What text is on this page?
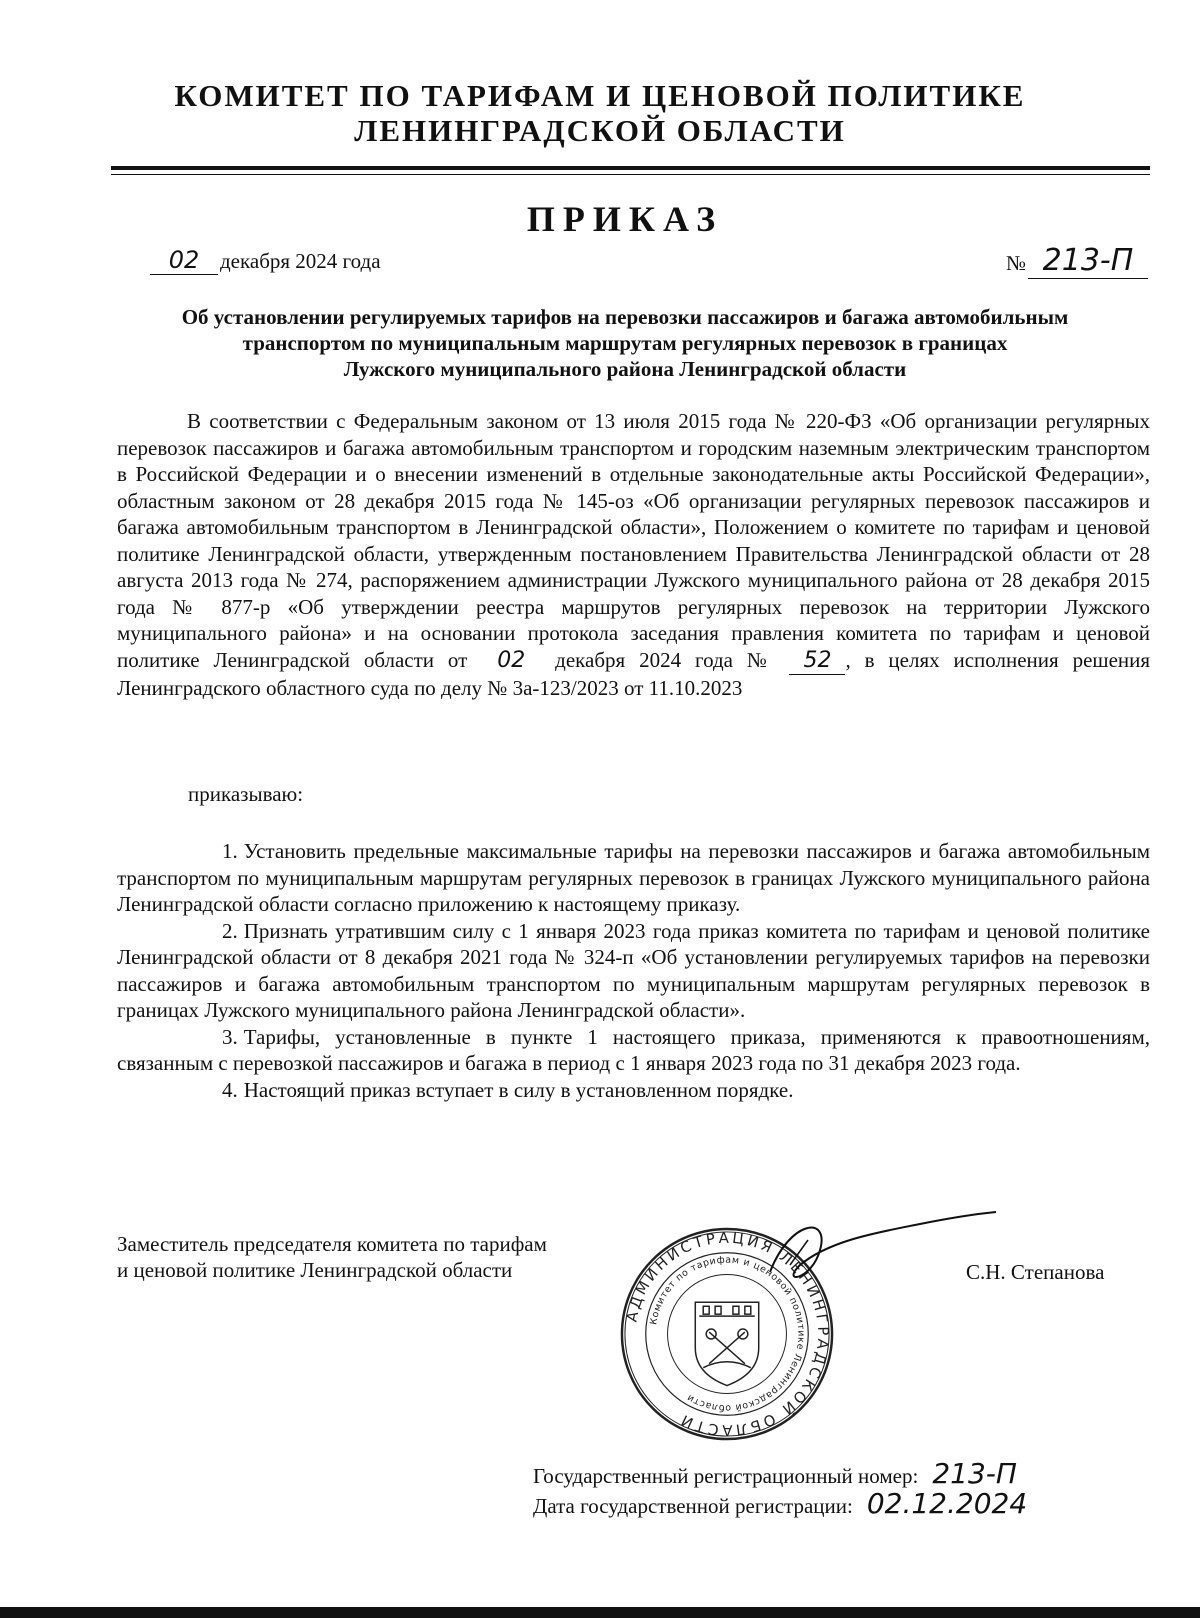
КОМИТЕТ ПО ТАРИФАМ И ЦЕНОВОЙ ПОЛИТИКЕ
ЛЕНИНГРАДСКОЙ ОБЛАСТИ
ПРИКАЗ
02 декабря 2024 года	№ 213-П
Об установлении регулируемых тарифов на перевозки пассажиров и багажа автомобильным
транспортом по муниципальным маршрутам регулярных перевозок в границах
Лужского муниципального района Ленинградской области
В соответствии с Федеральным законом от 13 июля 2015 года № 220-ФЗ «Об организации регулярных перевозок пассажиров и багажа автомобильным транспортом и городским наземным электрическим транспортом в Российской Федерации и о внесении изменений в отдельные законодательные акты Российской Федерации», областным законом от 28 декабря 2015 года № 145-оз «Об организации регулярных перевозок пассажиров и багажа автомобильным транспортом в Ленинградской области», Положением о комитете по тарифам и ценовой политике Ленинградской области, утвержденным постановлением Правительства Ленинградской области от 28 августа 2013 года № 274, распоряжением администрации Лужского муниципального района от 28 декабря 2015 года № 877-р «Об утверждении реестра маршрутов регулярных перевозок на территории Лужского муниципального района» и на основании протокола заседания правления комитета по тарифам и ценовой политике Ленинградской области от 02 декабря 2024 года № 52 , в целях исполнения решения Ленинградского областного суда по делу № 3а-123/2023 от 11.10.2023
приказываю:
1. Установить предельные максимальные тарифы на перевозки пассажиров и багажа автомобильным транспортом по муниципальным маршрутам регулярных перевозок в границах Лужского муниципального района Ленинградской области согласно приложению к настоящему приказу.
2. Признать утратившим силу с 1 января 2023 года приказ комитета по тарифам и ценовой политике Ленинградской области от 8 декабря 2021 года № 324-п «Об установлении регулируемых тарифов на перевозки пассажиров и багажа автомобильным транспортом по муниципальным маршрутам регулярных перевозок в границах Лужского муниципального района Ленинградской области».
3. Тарифы, установленные в пункте 1 настоящего приказа, применяются к правоотношениям, связанным с перевозкой пассажиров и багажа в период с 1 января 2023 года по 31 декабря 2023 года.
4. Настоящий приказ вступает в силу в установленном порядке.
Заместитель председателя комитета по тарифам
и ценовой политике Ленинградской области
АДМИНИСТРАЦИЯ ЛЕНИНГРАДСКОЙ ОБЛАСТИ
Комитет по тарифам и ценовой политике Ленинградской области
С.Н. Степанова
Государственный регистрационный номер: 213-П
Дата государственной регистрации: 02.12.2024
